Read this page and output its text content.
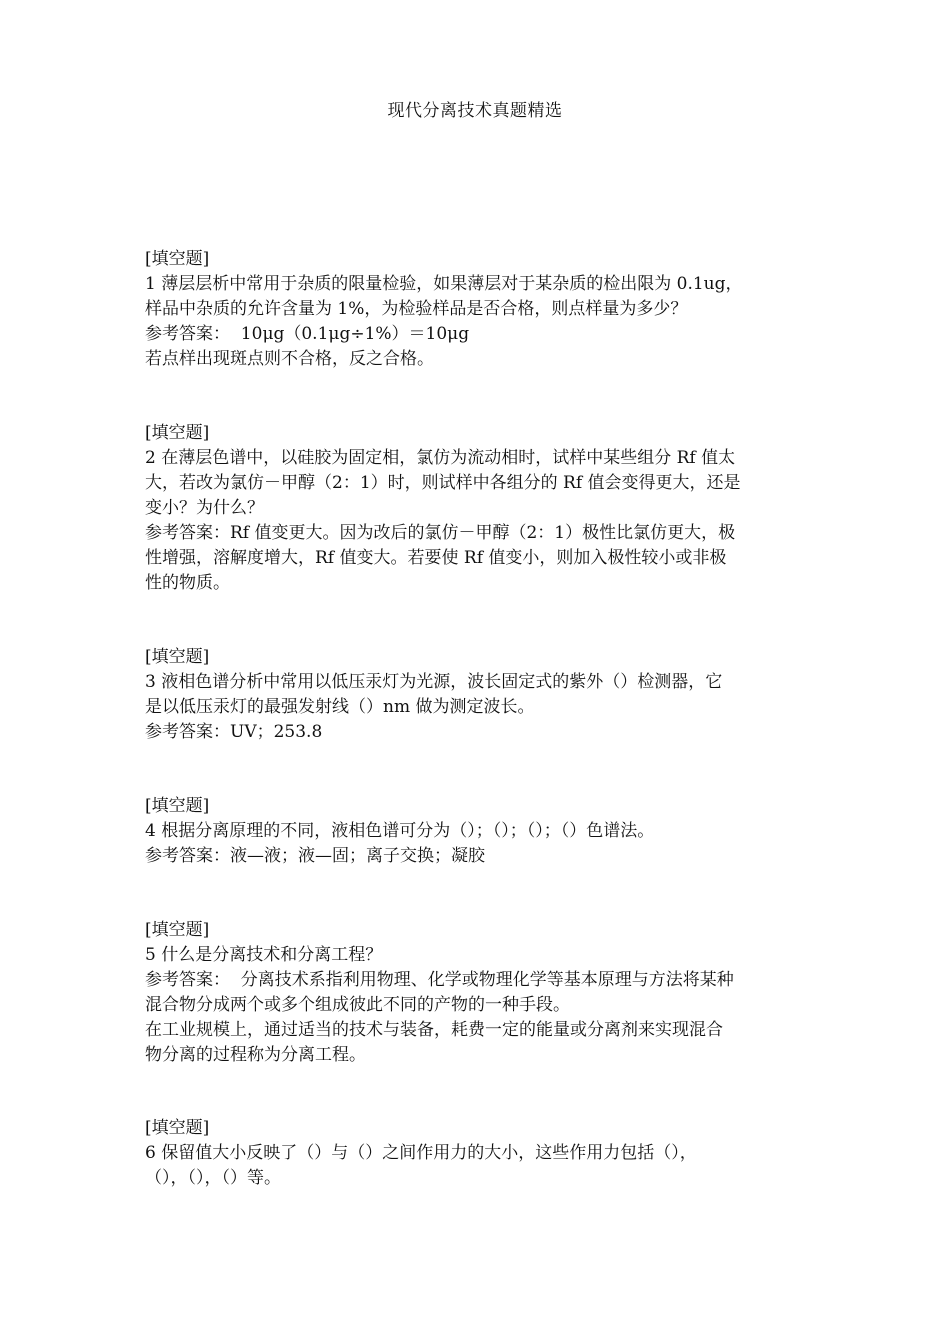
现代分离技术真题精选

[填空题]

1 薄层层析中常用于杂质的限量检验，如果薄层对于某杂质的检出限为 0.1ug，

样品中杂质的允许含量为 1%，为检验样品是否合格，则点样量为多少？

参考答案：  10μg（0.1μg÷1%）＝10μg

若点样出现斑点则不合格，反之合格。

[填空题]

2 在薄层色谱中，以硅胶为固定相，氯仿为流动相时，试样中某些组分 Rf 值太

大，若改为氯仿－甲醇（2：1）时，则试样中各组分的 Rf 值会变得更大，还是

变小？为什么？

参考答案：Rf 值变更大。因为改后的氯仿－甲醇（2：1）极性比氯仿更大，极

性增强，溶解度增大，Rf 值变大。若要使 Rf 值变小，则加入极性较小或非极

性的物质。

[填空题]

3 液相色谱分析中常用以低压汞灯为光源，波长固定式的紫外（）检测器，它

是以低压汞灯的最强发射线（）nm 做为测定波长。

参考答案：UV；253.8

[填空题]

4 根据分离原理的不同，液相色谱可分为（）；（）；（）；（）色谱法。

参考答案：液—液；液—固；离子交换；凝胶

[填空题]

5 什么是分离技术和分离工程？

参考答案：  分离技术系指利用物理、化学或物理化学等基本原理与方法将某种

混合物分成两个或多个组成彼此不同的产物的一种手段。

在工业规模上，通过适当的技术与装备，耗费一定的能量或分离剂来实现混合

物分离的过程称为分离工程。

[填空题]

6 保留值大小反映了（）与（）之间作用力的大小，这些作用力包括（），

（），（），（）等。
